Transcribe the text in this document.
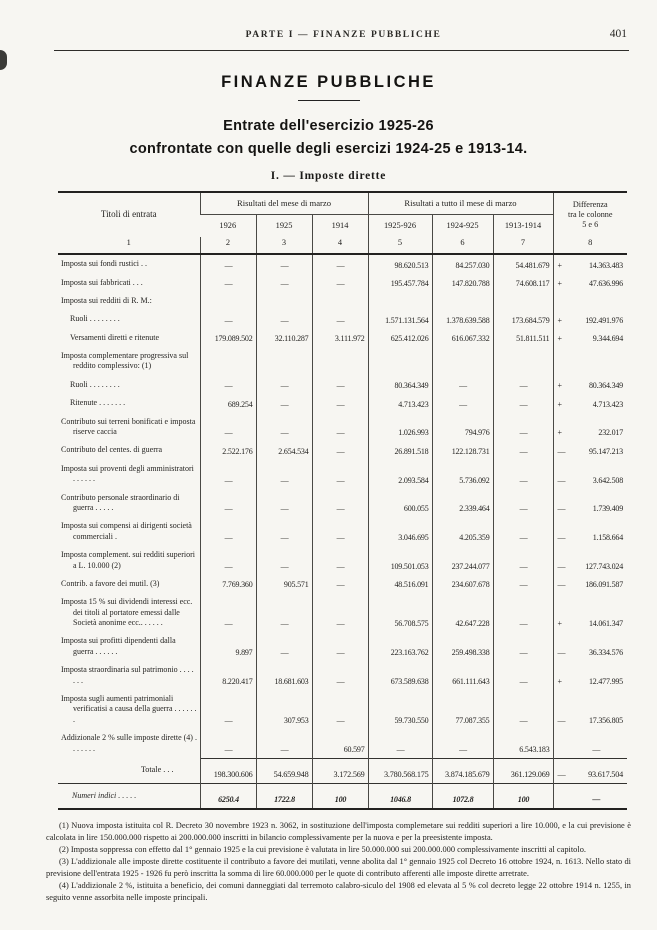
PARTE I — FINANZE PUBBLICHE	401
FINANZE PUBBLICHE
Entrate dell'esercizio 1925-26
confrontate con quelle degli esercizi 1924-25 e 1913-14.
I. — Imposte dirette
Titoli di entrata	Risultati del mese di marzo			Risultati a tutto il mese di marzo			Differenza
tra le colonne
5 e 6

	1926	1925	1914	1925-926	1924-925	1913-1914	
1	2	3	4	5	6	7	8
Imposta sui fondi rustici . .	—	—	—	98.620.513	84.257.030	54.481.679	+ 14.363.483
Imposta sui fabbricati . . .	—	—	—	195.457.784	147.820.788	74.608.117	+ 47.636.996
Imposta sui redditi di R. M.:							
Ruoli . . . . . . . .	—	—	—	1.571.131.564	1.378.639.588	173.684.579	+ 192.491.976
Versamenti diretti e ritenute	179.089.502	32.110.287	3.111.972	625.412.026	616.067.332	51.811.511	+ 9.344.694
Imposta complementare progressiva sul reddito complessivo: (1)							
Ruoli . . . . . . . .	—	—	—	80.364.349	—	—	+ 80.364.349
Ritenute . . . . . . .	689.254	—	—	4.713.423	—	—	+ 4.713.423
Contributo sui terreni bonificati e imposta riserve caccia	—	—	—	1.026.993	794.976	—	+ 232.017
Contributo del centes. di guerra	2.522.176	2.654.534	—	26.891.518	122.128.731	—	— 95.147.213
Imposta sui proventi degli amministratori . . . . . .	—	—	—	2.093.584	5.736.092	—	— 3.642.508
Contributo personale straordinario di guerra . . . . .	—	—	—	600.055	2.339.464	—	— 1.739.409
Imposta sui compensi ai dirigenti società commerciali .	—	—	—	3.046.695	4.205.359	—	— 1.158.664
Imposta complement. sui redditi superiori a L. 10.000 (2)	—	—	—	109.501.053	237.244.077	—	— 127.743.024
Contrib. a favore dei mutil. (3)	7.769.360	905.571	—	48.516.091	234.607.678	—	— 186.091.587
Imposta 15 % sui dividendi interessi ecc. dei titoli al portatore emessi dalle Società anonime ecc.. . . . . .	—	—	—	56.708.575	42.647.228	—	+ 14.061.347
Imposta sui profitti dipendenti dalla guerra . . . . . .	9.897	—	—	223.163.762	259.498.338	—	— 36.334.576
Imposta straordinaria sul patrimonio . . . . . . .	8.220.417	18.681.603	—	673.589.638	661.111.643	—	+ 12.477.995
Imposta sugli aumenti patrimoniali verificatisi a causa della guerra . . . . . . .	—	307.953	—	59.730.550	77.087.355	—	— 17.356.805
Addizionale 2 % sulle imposte dirette (4) . . . . . . .	—	—	60.597	—	—	6.543.183	—
Totale . . .	198.300.606	54.659.948	3.172.569	3.780.568.175	3.874.185.679	361.129.069	— 93.617.504
Numeri indici . . . . .	6250.4	1722.8	100	1046.8	1072.8	100	—

(1) Nuova imposta istituita col R. Decreto 30 novembre 1923 n. 3062, in sostituzione dell'imposta complemetare sui redditi superiori a lire 10.000, e la cui previsione è calcolata in lire 150.000.000 rispetto ai 200.000.000 inscritti in bilancio complessivamente per la nuova e per la preesistente imposta.

(2) Imposta soppressa con effetto dal 1° gennaio 1925 e la cui previsione è valutata in lire 50.000.000 sui 200.000.000 complessivamente inscritti al capitolo.

(3) L'addizionale alle imposte dirette costituente il contributo a favore dei mutilati, venne abolita dal 1° gennaio 1925 col Decreto 16 ottobre 1924, n. 1613. Nello stato di previsione dell'entrata 1925 - 1926 fu però inscritta la somma di lire 60.000.000 per le quote di contributo afferenti alle imposte dirette arretrate.

(4) L'addizionale 2 %, istituita a beneficio, dei comuni danneggiati dal terremoto calabro-siculo del 1908 ed elevata al 5 % col decreto legge 22 ottobre 1914 n. 1255, in seguito venne assorbita nelle imposte principali.
